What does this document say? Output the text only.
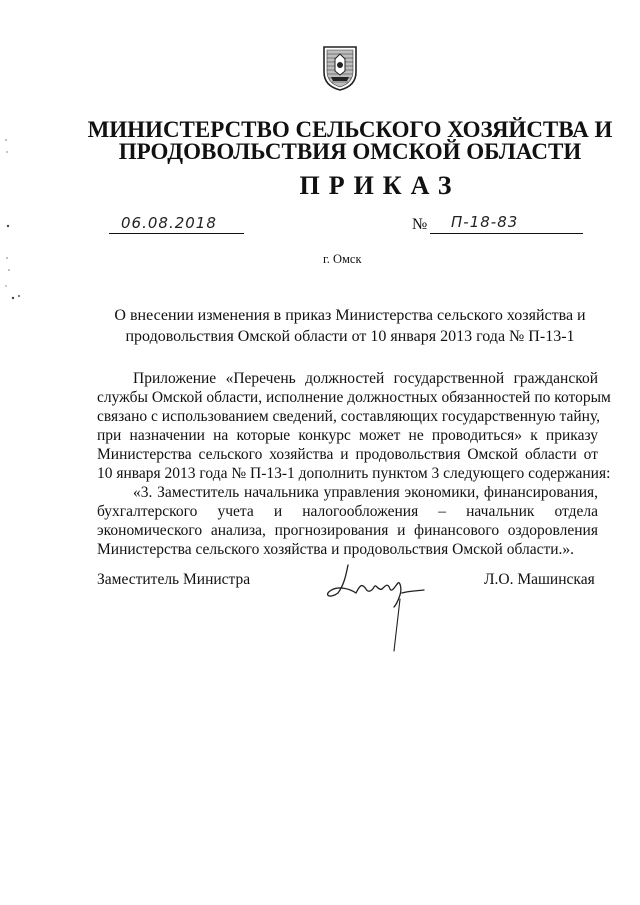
МИНИСТЕРСТВО СЕЛЬСКОГО ХОЗЯЙСТВА И
ПРОДОВОЛЬСТВИЯ ОМСКОЙ ОБЛАСТИ
ПРИКАЗ
06.08.2018	№ П-18-83
г. Омск
О внесении изменения в приказ Министерства сельского хозяйства и
продовольствия Омской области от 10 января 2013 года № П-13-1
Приложение «Перечень должностей государственной гражданской
службы Омской области, исполнение должностных обязанностей по которым
связано с использованием сведений, составляющих государственную тайну,
при назначении на которые конкурс может не проводиться» к приказу
Министерства сельского хозяйства и продовольствия Омской области от
10 января 2013 года № П-13-1 дополнить пунктом 3 следующего содержания:
«3. Заместитель начальника управления экономики, финансирования,
бухгалтерского учета и налогообложения – начальник отдела
экономического анализа, прогнозирования и финансового оздоровления
Министерства сельского хозяйства и продовольствия Омской области.».
Заместитель Министра	Л.О. Машинская
